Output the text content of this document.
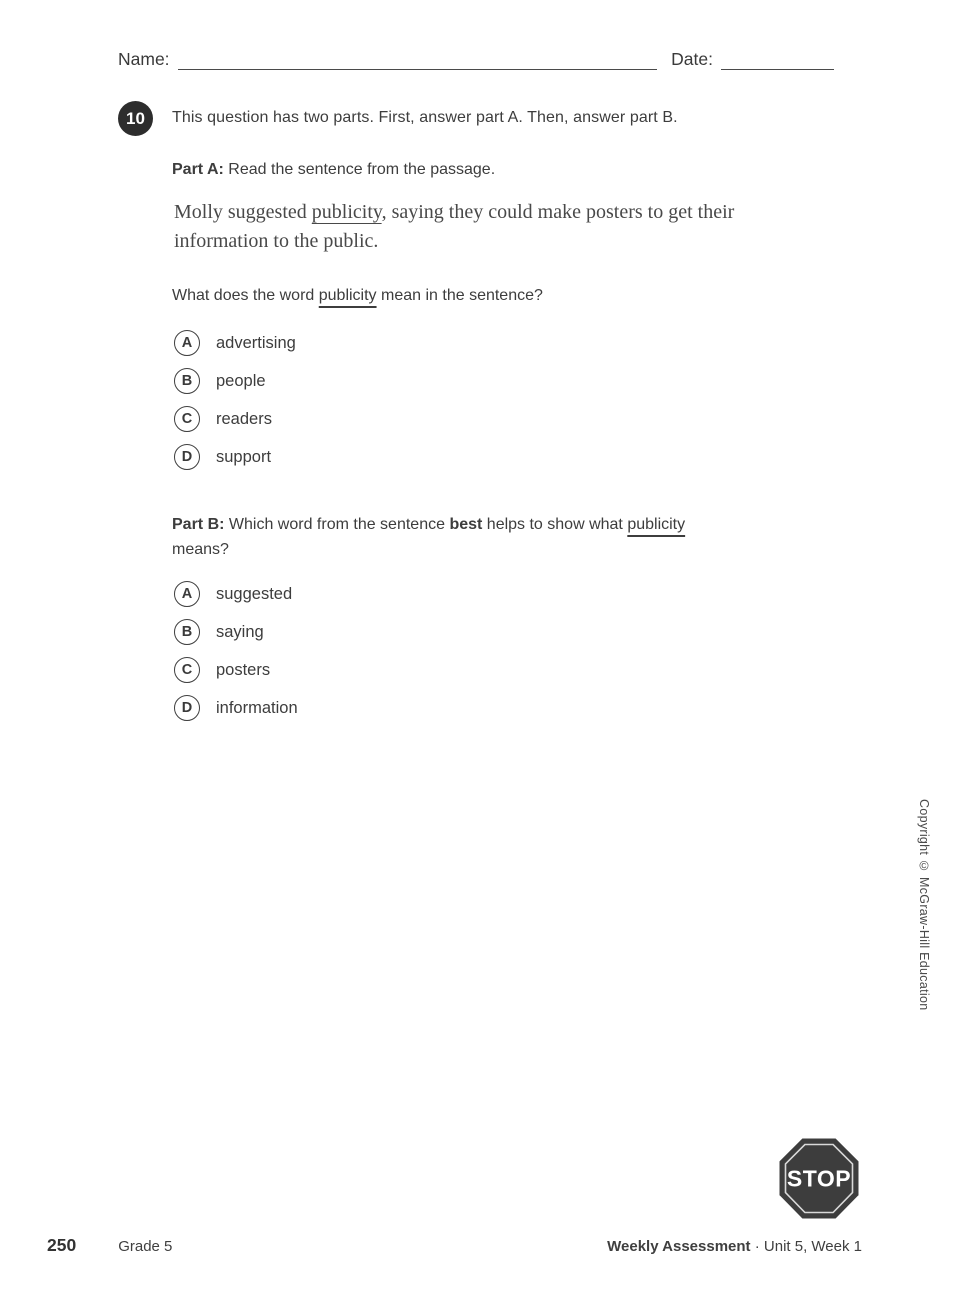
Name:	Date:
10 This question has two parts. First, answer part A. Then, answer part B.
Part A: Read the sentence from the passage.
Molly suggested publicity, saying they could make posters to get their
information to the public.
What does the word publicity mean in the sentence?
A advertising
B people
C readers
D support
Part B: Which word from the sentence best helps to show what publicity
means?
A suggested
B saying
C posters
D information
Copyright © McGraw-Hill Education
STOP
250	Grade 5	Weekly Assessment · Unit 5, Week 1
